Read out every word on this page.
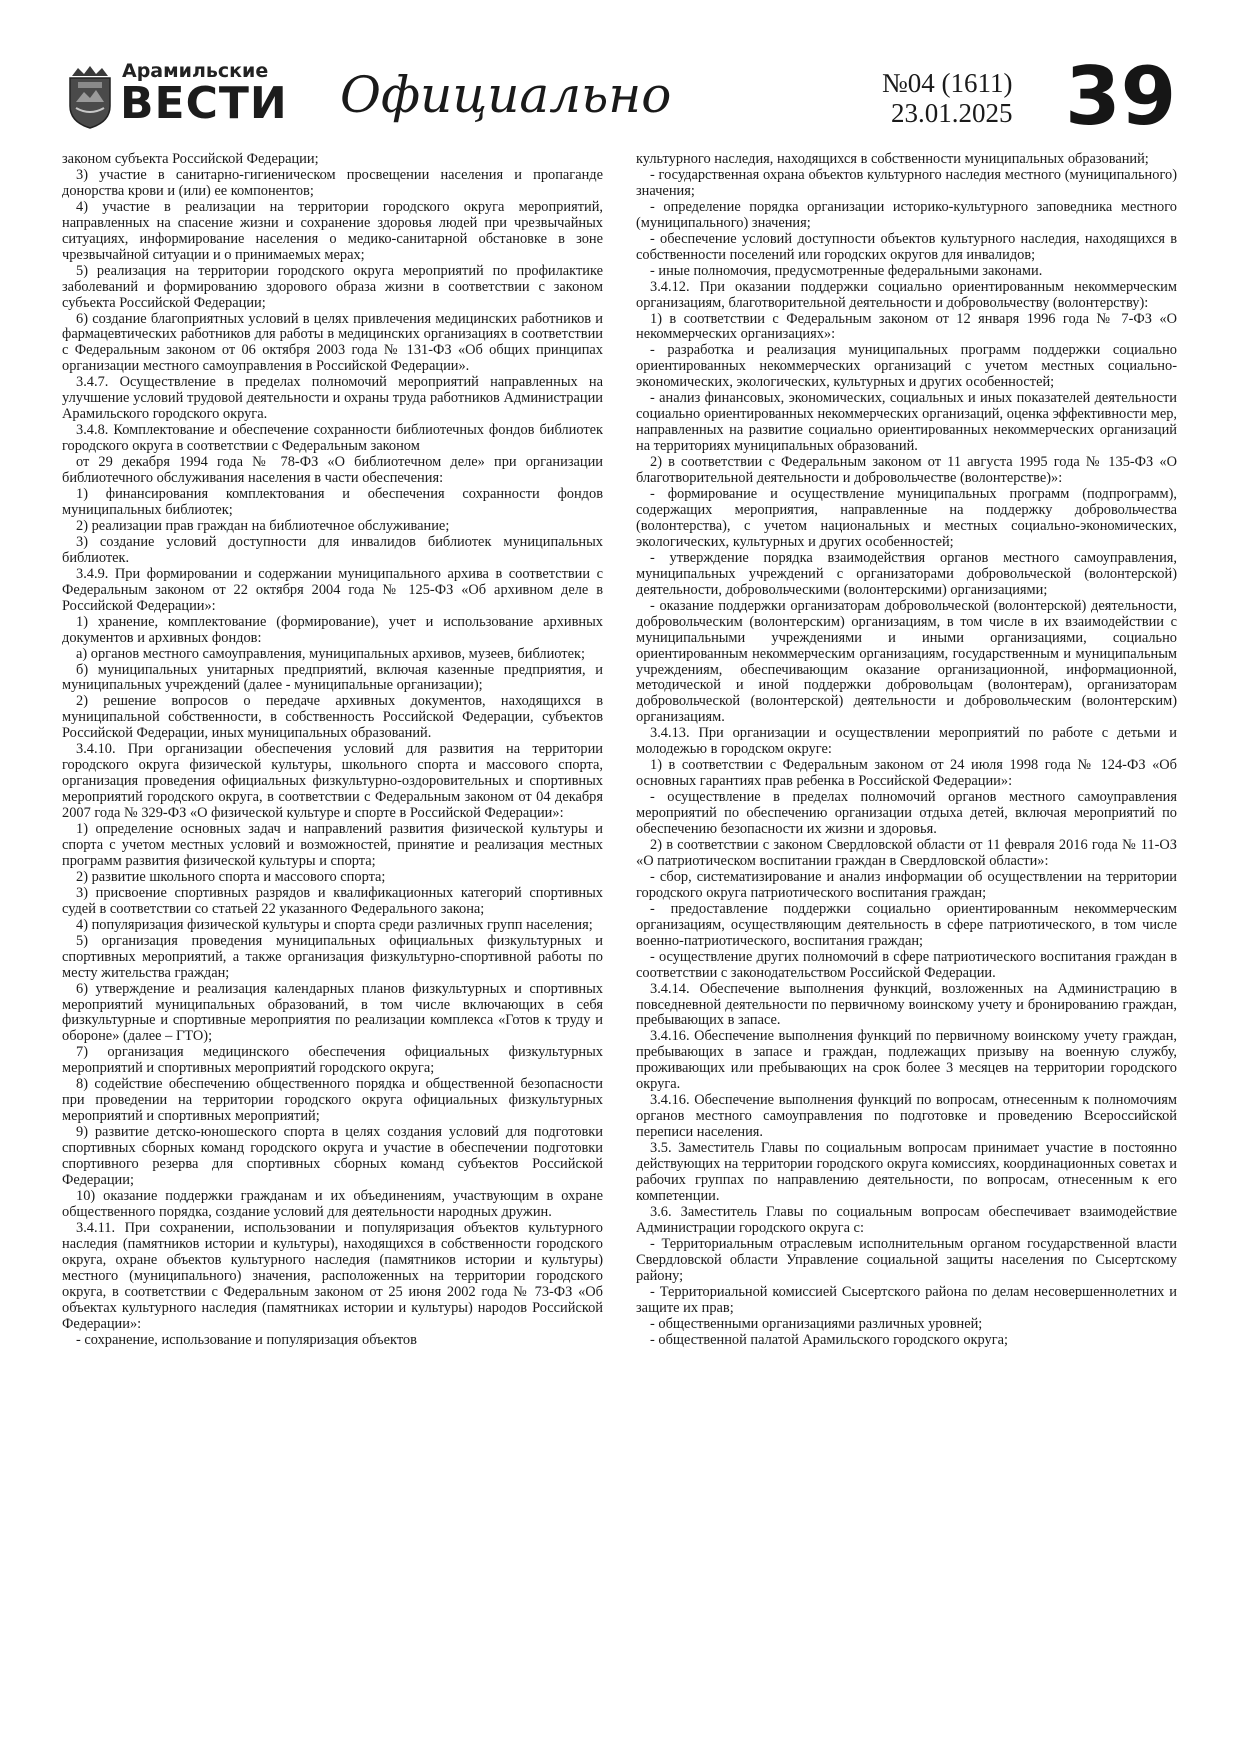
Арамильские
ВЕСТИ Официально	№04 (1611)
23.01.2025 39

законом субъекта Российской Федерации;

3) участие в санитарно-гигиеническом просвещении населения и пропаганде донорства крови и (или) ее компонентов;

4) участие в реализации на территории городского округа мероприятий, направленных на спасение жизни и сохранение здоровья людей при чрезвычайных ситуациях, информирование населения о медико-санитарной обстановке в зоне чрезвычайной ситуации и о принимаемых мерах;

5) реализация на территории городского округа мероприятий по профилактике заболеваний и формированию здорового образа жизни в соответствии с законом субъекта Российской Федерации;

6) создание благоприятных условий в целях привлечения медицинских работников и фармацевтических работников для работы в медицинских организациях в соответствии с Федеральным законом от 06 октября 2003 года № 131-ФЗ «Об общих принципах организации местного самоуправления в Российской Федерации».

3.4.7. Осуществление в пределах полномочий мероприятий направленных на улучшение условий трудовой деятельности и охраны труда работников Администрации Арамильского городского округа.

3.4.8. Комплектование и обеспечение сохранности библиотечных фондов библиотек городского округа в соответствии с Федеральным законом

от 29 декабря 1994 года № 78-ФЗ «О библиотечном деле» при организации библиотечного обслуживания населения в части обеспечения:

1) финансирования комплектования и обеспечения сохранности фондов муниципальных библиотек;

2) реализации прав граждан на библиотечное обслуживание;

3) создание условий доступности для инвалидов библиотек муниципальных библиотек.

3.4.9. При формировании и содержании муниципального архива в соответствии с Федеральным законом от 22 октября 2004 года № 125-ФЗ «Об архивном деле в Российской Федерации»:

1) хранение, комплектование (формирование), учет и использование архивных документов и архивных фондов:

а) органов местного самоуправления, муниципальных архивов, музеев, библиотек;

б) муниципальных унитарных предприятий, включая казенные предприятия, и муниципальных учреждений (далее - муниципальные организации);

2) решение вопросов о передаче архивных документов, находящихся в муниципальной собственности, в собственность Российской Федерации, субъектов Российской Федерации, иных муниципальных образований.

3.4.10. При организации обеспечения условий для развития на территории городского округа физической культуры, школьного спорта и массового спорта, организация проведения официальных физкультурно-оздоровительных и спортивных мероприятий городского округа, в соответствии с Федеральным законом от 04 декабря 2007 года № 329-ФЗ «О физической культуре и спорте в Российской Федерации»:

1) определение основных задач и направлений развития физической культуры и спорта с учетом местных условий и возможностей, принятие и реализация местных программ развития физической культуры и спорта;

2) развитие школьного спорта и массового спорта;

3) присвоение спортивных разрядов и квалификационных категорий спортивных судей в соответствии со статьей 22 указанного Федерального закона;

4) популяризация физической культуры и спорта среди различных групп населения;

5) организация проведения муниципальных официальных физкультурных и спортивных мероприятий, а также организация физкультурно-спортивной работы по месту жительства граждан;

6) утверждение и реализация календарных планов физкультурных и спортивных мероприятий муниципальных образований, в том числе включающих в себя физкультурные и спортивные мероприятия по реализации комплекса «Готов к труду и обороне» (далее – ГТО);

7) организация медицинского обеспечения официальных физкультурных мероприятий и спортивных мероприятий городского округа;

8) содействие обеспечению общественного порядка и общественной безопасности при проведении на территории городского округа официальных физкультурных мероприятий и спортивных мероприятий;

9) развитие детско-юношеского спорта в целях создания условий для подготовки спортивных сборных команд городского округа и участие в обеспечении подготовки спортивного резерва для спортивных сборных команд субъектов Российской Федерации;

10) оказание поддержки гражданам и их объединениям, участвующим в охране общественного порядка, создание условий для деятельности народных дружин.

3.4.11. При сохранении, использовании и популяризация объектов культурного наследия (памятников истории и культуры), находящихся в собственности городского округа, охране объектов культурного наследия (памятников истории и культуры) местного (муниципального) значения, расположенных на территории городского округа, в соответствии с Федеральным законом от 25 июня 2002 года № 73-ФЗ «Об объектах культурного наследия (памятниках истории и культуры) народов Российской Федерации»:

- сохранение, использование и популяризация объектов

культурного наследия, находящихся в собственности муниципальных образований;

- государственная охрана объектов культурного наследия местного (муниципального) значения;

- определение порядка организации историко-культурного заповедника местного (муниципального) значения;

- обеспечение условий доступности объектов культурного наследия, находящихся в собственности поселений или городских округов для инвалидов;

- иные полномочия, предусмотренные федеральными законами.

3.4.12. При оказании поддержки социально ориентированным некоммерческим организациям, благотворительной деятельности и добровольчеству (волонтерству):

1) в соответствии с Федеральным законом от 12 января 1996 года № 7-ФЗ «О некоммерческих организациях»:

- разработка и реализация муниципальных программ поддержки социально ориентированных некоммерческих организаций с учетом местных социально-экономических, экологических, культурных и других особенностей;

- анализ финансовых, экономических, социальных и иных показателей деятельности социально ориентированных некоммерческих организаций, оценка эффективности мер, направленных на развитие социально ориентированных некоммерческих организаций на территориях муниципальных образований.

2) в соответствии с Федеральным законом от 11 августа 1995 года № 135-ФЗ «О благотворительной деятельности и добровольчестве (волонтерстве)»:

- формирование и осуществление муниципальных программ (подпрограмм), содержащих мероприятия, направленные на поддержку добровольчества (волонтерства), с учетом национальных и местных социально-экономических, экологических, культурных и других особенностей;

- утверждение порядка взаимодействия органов местного самоуправления, муниципальных учреждений с организаторами добровольческой (волонтерской) деятельности, добровольческими (волонтерскими) организациями;

- оказание поддержки организаторам добровольческой (волонтерской) деятельности, добровольческим (волонтерским) организациям, в том числе в их взаимодействии с муниципальными учреждениями и иными организациями, социально ориентированным некоммерческим организациям, государственным и муниципальным учреждениям, обеспечивающим оказание организационной, информационной, методической и иной поддержки добровольцам (волонтерам), организаторам добровольческой (волонтерской) деятельности и добровольческим (волонтерским) организациям.

3.4.13. При организации и осуществлении мероприятий по работе с детьми и молодежью в городском округе:

1) в соответствии с Федеральным законом от 24 июля 1998 года № 124-ФЗ «Об основных гарантиях прав ребенка в Российской Федерации»:

- осуществление в пределах полномочий органов местного самоуправления мероприятий по обеспечению организации отдыха детей, включая мероприятий по обеспечению безопасности их жизни и здоровья.

2) в соответствии с законом Свердловской области от 11 февраля 2016 года № 11-ОЗ «О патриотическом воспитании граждан в Свердловской области»:

- сбор, систематизирование и анализ информации об осуществлении на территории городского округа патриотического воспитания граждан;

- предоставление поддержки социально ориентированным некоммерческим организациям, осуществляющим деятельность в сфере патриотического, в том числе военно-патриотического, воспитания граждан;

- осуществление других полномочий в сфере патриотического воспитания граждан в соответствии с законодательством Российской Федерации.

3.4.14. Обеспечение выполнения функций, возложенных на Администрацию в повседневной деятельности по первичному воинскому учету и бронированию граждан, пребывающих в запасе.

3.4.16. Обеспечение выполнения функций по первичному воинскому учету граждан, пребывающих в запасе и граждан, подлежащих призыву на военную службу, проживающих или пребывающих на срок более 3 месяцев на территории городского округа.

3.4.16. Обеспечение выполнения функций по вопросам, отнесенным к полномочиям органов местного самоуправления по подготовке и проведению Всероссийской переписи населения.

3.5. Заместитель Главы по социальным вопросам принимает участие в постоянно действующих на территории городского округа комиссиях, координационных советах и рабочих группах по направлению деятельности, по вопросам, отнесенным к его компетенции.

3.6. Заместитель Главы по социальным вопросам обеспечивает взаимодействие Администрации городского округа с:

- Территориальным отраслевым исполнительным органом государственной власти Свердловской области Управление социальной защиты населения по Сысертскому району;

- Территориальной комиссией Сысертского района по делам несовершеннолетних и защите их прав;

- общественными организациями различных уровней;

- общественной палатой Арамильского городского округа;
